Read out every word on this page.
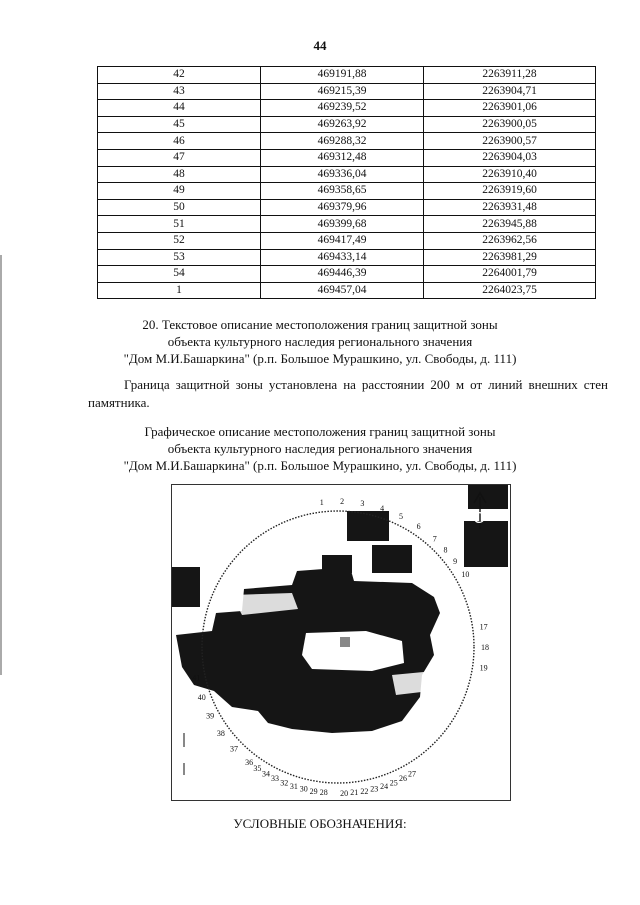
44
42	469191,88	2263911,28
43	469215,39	2263904,71
44	469239,52	2263901,06
45	469263,92	2263900,05
46	469288,32	2263900,57
47	469312,48	2263904,03
48	469336,04	2263910,40
49	469358,65	2263919,60
50	469379,96	2263931,48
51	469399,68	2263945,88
52	469417,49	2263962,56
53	469433,14	2263981,29
54	469446,39	2264001,79
1	469457,04	2264023,75
20. Текстовое описание местоположения границ защитной зоны
объекта культурного наследия регионального значения
"Дом М.И.Башаркина" (р.п. Большое Мурашкино, ул. Свободы, д. 111)
Граница защитной зоны установлена на расстоянии 200 м от линий внешних стен памятника.
Графическое описание местоположения границ защитной зоны
объекта культурного наследия регионального значения
"Дом М.И.Башаркина" (р.п. Большое Мурашкино, ул. Свободы, д. 111)
1 2 3
4
5
6
7
8
9
10
17
18
19
20 21 22 23 24 25 26
27
28
29
30
31
32
33
34
35
36
37
38
39
40
41
С
УСЛОВНЫЕ ОБОЗНАЧЕНИЯ:
